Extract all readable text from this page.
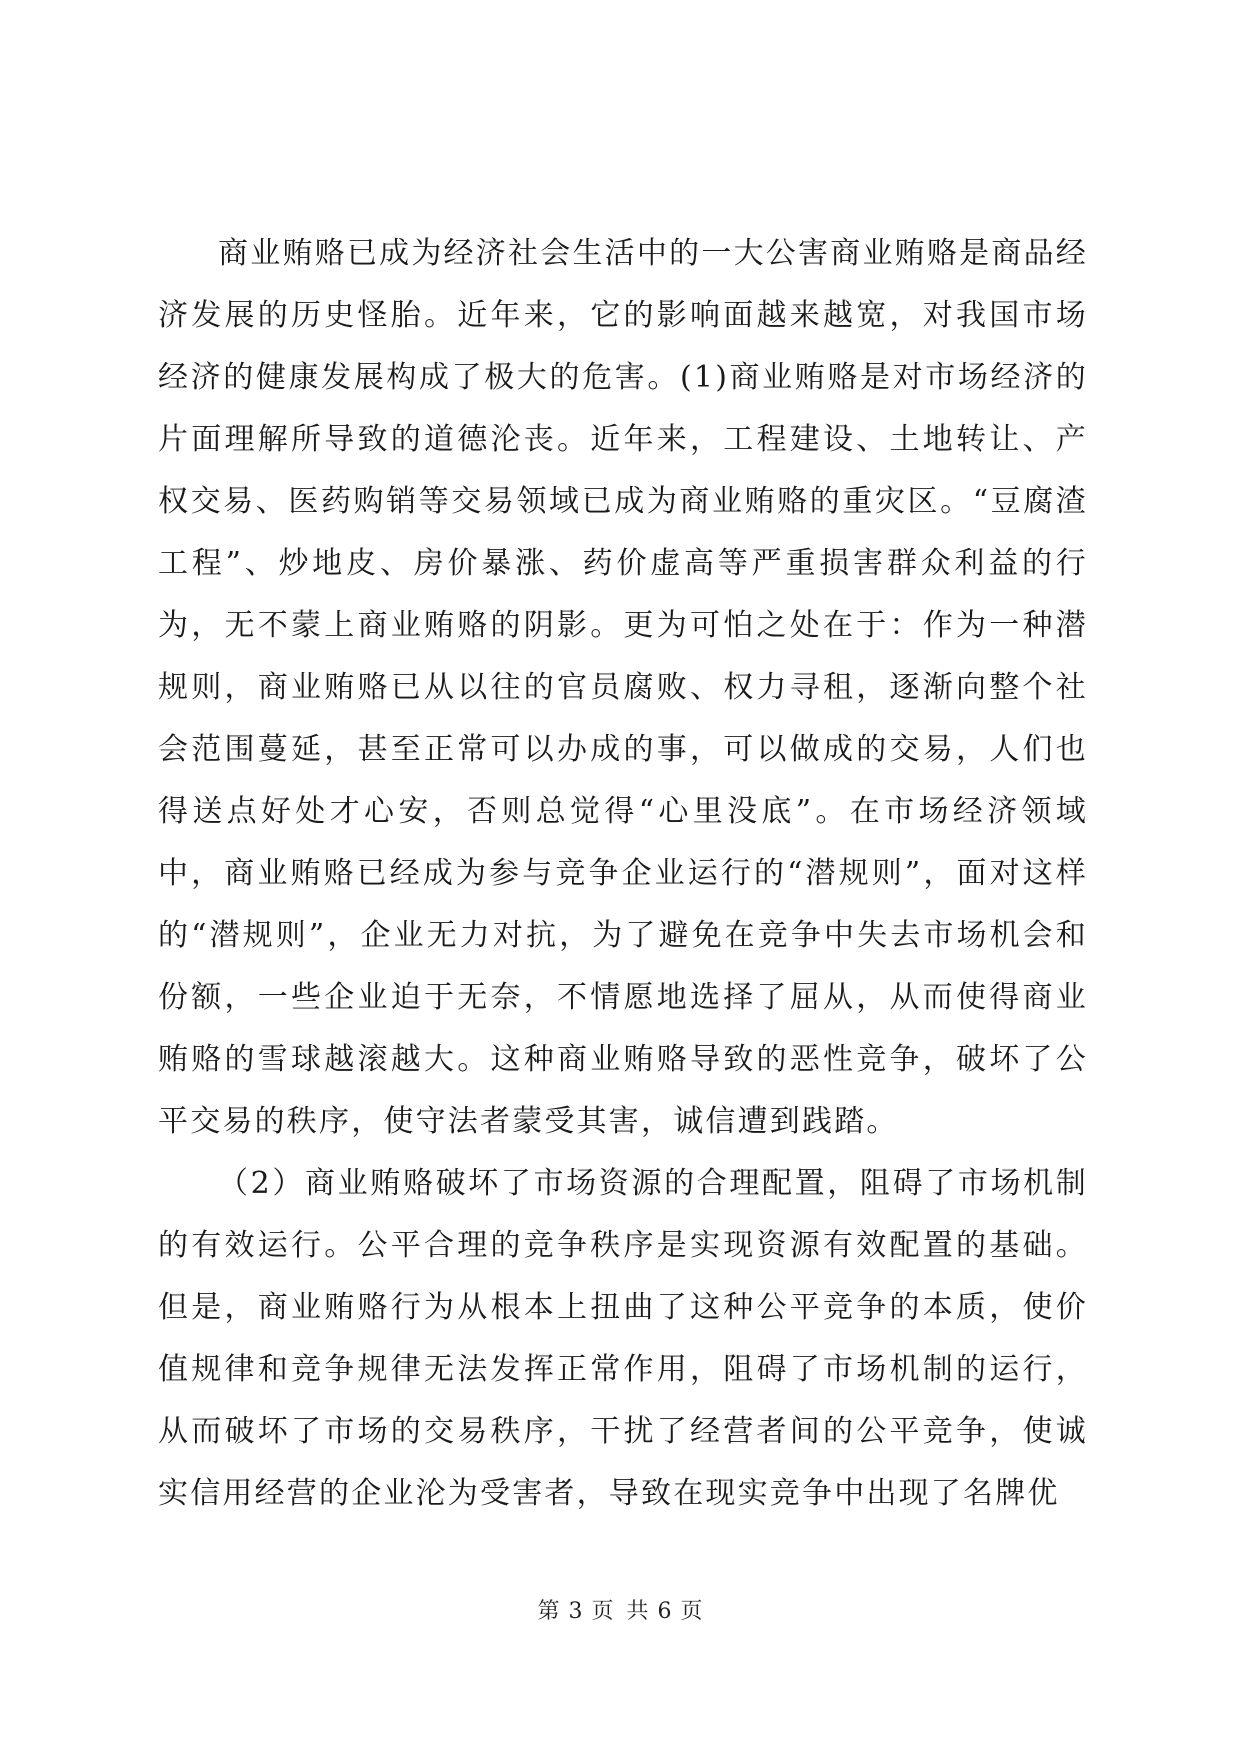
商业贿赂已成为经济社会生活中的一大公害商业贿赂是商品经济发展的历史怪胎。近年来，它的影响面越来越宽，对我国市场经济的健康发展构成了极大的危害。(1)商业贿赂是对市场经济的片面理解所导致的道德沦丧。近年来，工程建设、土地转让、产权交易、医药购销等交易领域已成为商业贿赂的重灾区。“豆腐渣工程”、炒地皮、房价暴涨、药价虚高等严重损害群众利益的行为，无不蒙上商业贿赂的阴影。更为可怕之处在于：作为一种潜规则，商业贿赂已从以往的官员腐败、权力寻租，逐渐向整个社会范围蔓延，甚至正常可以办成的事，可以做成的交易，人们也得送点好处才心安，否则总觉得“心里没底”。在市场经济领域中，商业贿赂已经成为参与竞争企业运行的“潜规则”，面对这样的“潜规则”，企业无力对抗，为了避免在竞争中失去市场机会和份额，一些企业迫于无奈，不情愿地选择了屈从，从而使得商业贿赂的雪球越滚越大。这种商业贿赂导致的恶性竞争，破坏了公平交易的秩序，使守法者蒙受其害，诚信遭到践踏。

（2）商业贿赂破坏了市场资源的合理配置，阻碍了市场机制的有效运行。公平合理的竞争秩序是实现资源有效配置的基础。但是，商业贿赂行为从根本上扭曲了这种公平竞争的本质，使价值规律和竞争规律无法发挥正常作用，阻碍了市场机制的运行，从而破坏了市场的交易秩序，干扰了经营者间的公平竞争，使诚实信用经营的企业沦为受害者，导致在现实竞争中出现了名牌优

第 3 页 共 6 页
